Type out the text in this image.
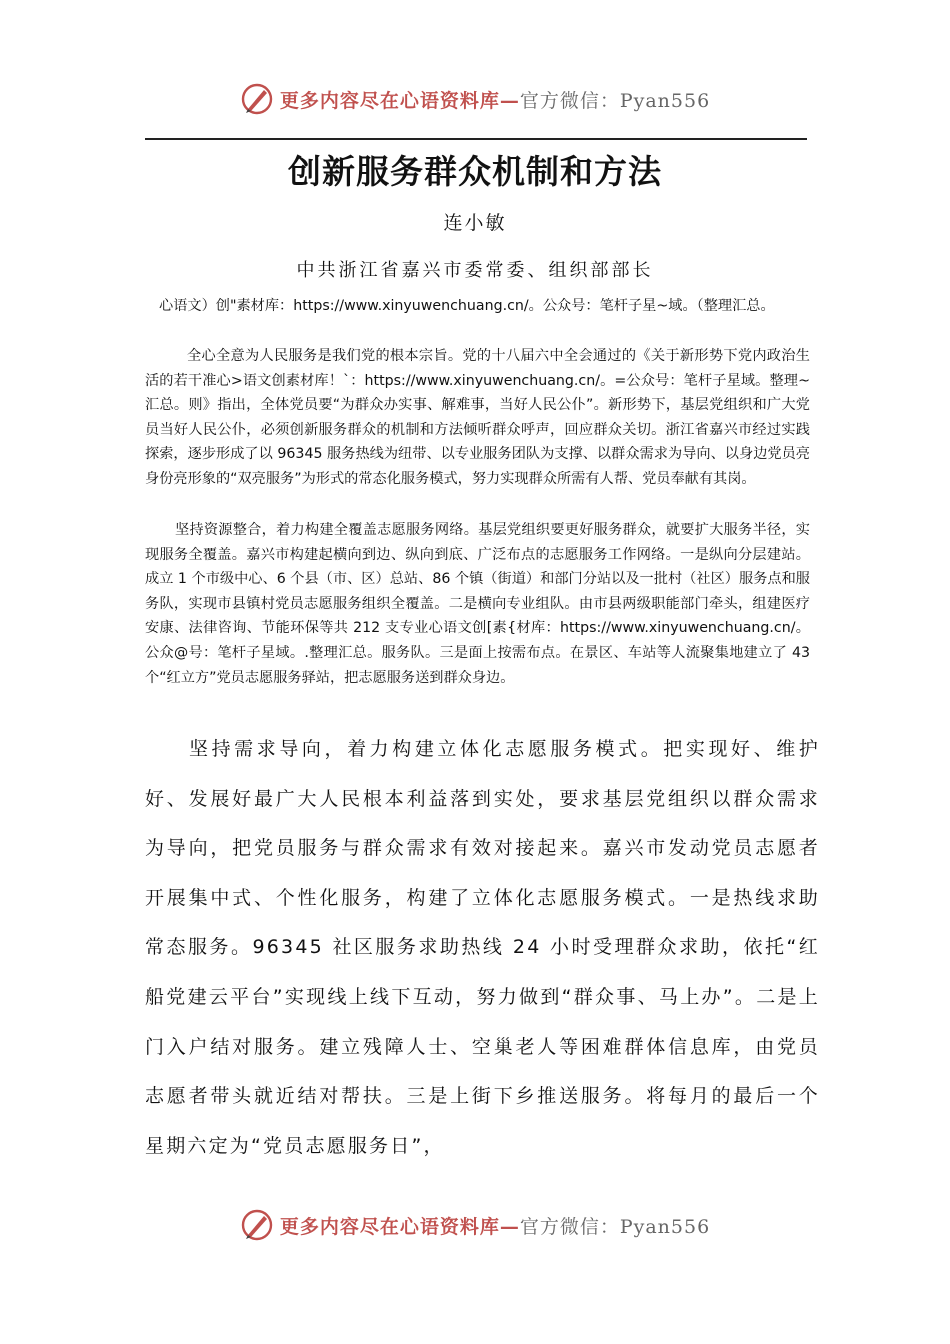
更多内容尽在心语资料库—官方微信：Pyan556
创新服务群众机制和方法
连小敏
中共浙江省嘉兴市委常委、组织部部长
心语文）创"素材库：https://www.xinyuwenchuang.cn/。公众号：笔杆子星~域。（整理汇总。
全心全意为人民服务是我们党的根本宗旨。党的十八届六中全会通过的《关于新形势下党内政治生活的若干准心>语文创素材库！`：https://www.xinyuwenchuang.cn/。=公众号：笔杆子星域。整理~汇总。则》指出，全体党员要“为群众办实事、解难事，当好人民公仆”。新形势下，基层党组织和广大党员当好人民公仆，必须创新服务群众的机制和方法倾听群众呼声，回应群众关切。浙江省嘉兴市经过实践探索，逐步形成了以 96345 服务热线为纽带、以专业服务团队为支撑、以群众需求为导向、以身边党员亮身份亮形象的“双亮服务”为形式的常态化服务模式，努力实现群众所需有人帮、党员奉献有其岗。
坚持资源整合，着力构建全覆盖志愿服务网络。基层党组织要更好服务群众，就要扩大服务半径，实现服务全覆盖。嘉兴市构建起横向到边、纵向到底、广泛布点的志愿服务工作网络。一是纵向分层建站。成立 1 个市级中心、6 个县（市、区）总站、86 个镇（街道）和部门分站以及一批村（社区）服务点和服务队，实现市县镇村党员志愿服务组织全覆盖。二是横向专业组队。由市县两级职能部门牵头，组建医疗安康、法律咨询、节能环保等共 212 支专业心语文创[素{材库：https://www.xinyuwenchuang.cn/。公众@号：笔杆子星域。.整理汇总。服务队。三是面上按需布点。在景区、车站等人流聚集地建立了 43 个“红立方”党员志愿服务驿站，把志愿服务送到群众身边。
坚持需求导向，着力构建立体化志愿服务模式。把实现好、维护好、发展好最广大人民根本利益落到实处，要求基层党组织以群众需求为导向，把党员服务与群众需求有效对接起来。嘉兴市发动党员志愿者开展集中式、个性化服务，构建了立体化志愿服务模式。一是热线求助常态服务。96345 社区服务求助热线 24 小时受理群众求助，依托“红船党建云平台”实现线上线下互动，努力做到“群众事、马上办”。二是上门入户结对服务。建立残障人士、空巢老人等困难群体信息库，由党员志愿者带头就近结对帮扶。三是上街下乡推送服务。将每月的最后一个星期六定为“党员志愿服务日”，
更多内容尽在心语资料库—官方微信：Pyan556
